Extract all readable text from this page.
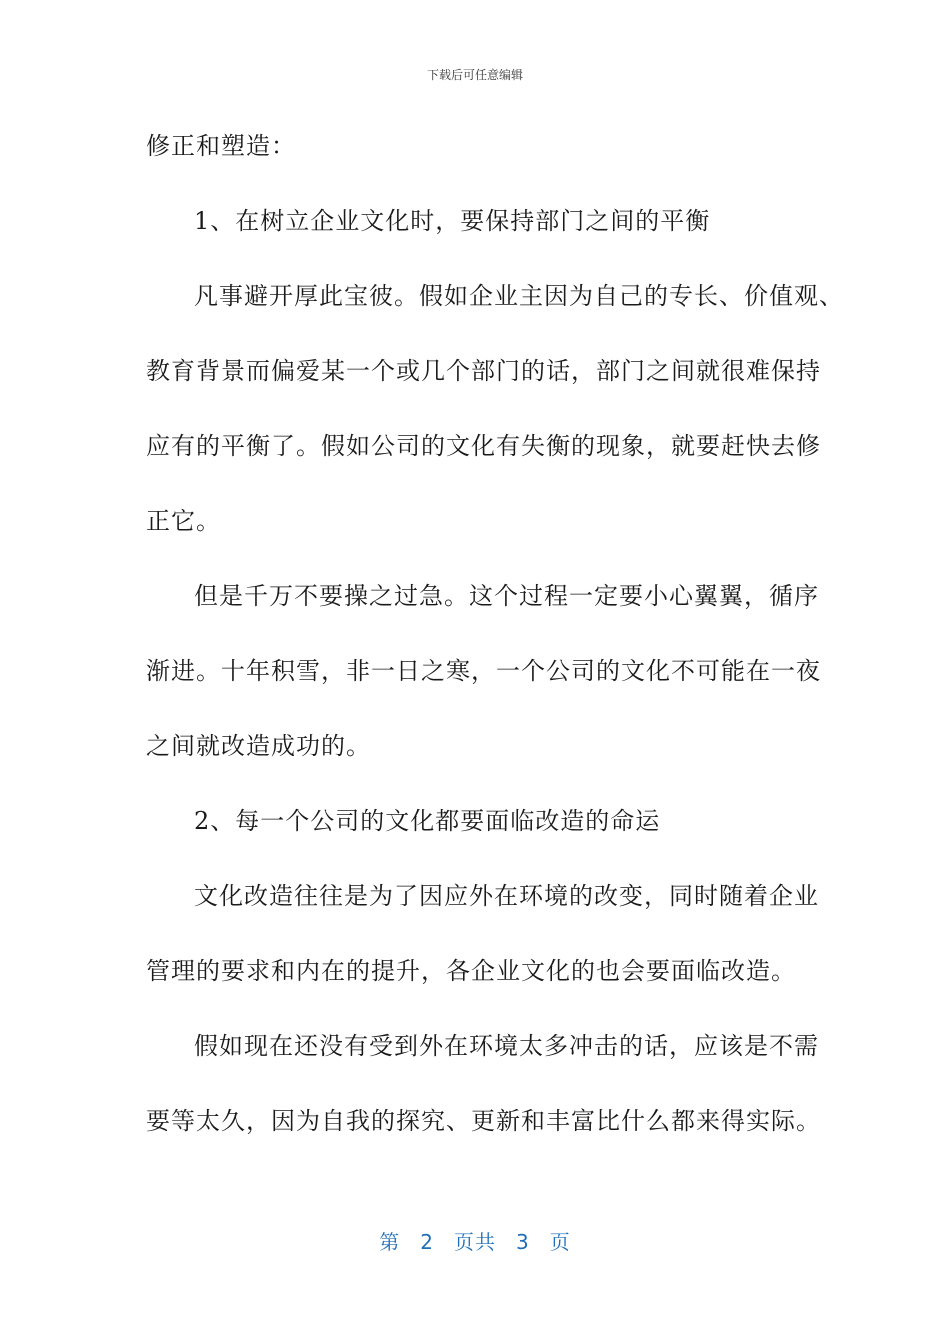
下载后可任意编辑
修正和塑造：
1、在树立企业文化时，要保持部门之间的平衡
凡事避开厚此宝彼。假如企业主因为自己的专长、价值观、
教育背景而偏爱某一个或几个部门的话，部门之间就很难保持
应有的平衡了。假如公司的文化有失衡的现象，就要赶快去修
正它。
但是千万不要操之过急。这个过程一定要小心翼翼，循序
渐进。十年积雪，非一日之寒，一个公司的文化不可能在一夜
之间就改造成功的。
2、每一个公司的文化都要面临改造的命运
文化改造往往是为了因应外在环境的改变，同时随着企业
管理的要求和内在的提升，各企业文化的也会要面临改造。
假如现在还没有受到外在环境太多冲击的话，应该是不需
要等太久，因为自我的探究、更新和丰富比什么都来得实际。
第 2 页共 3 页
